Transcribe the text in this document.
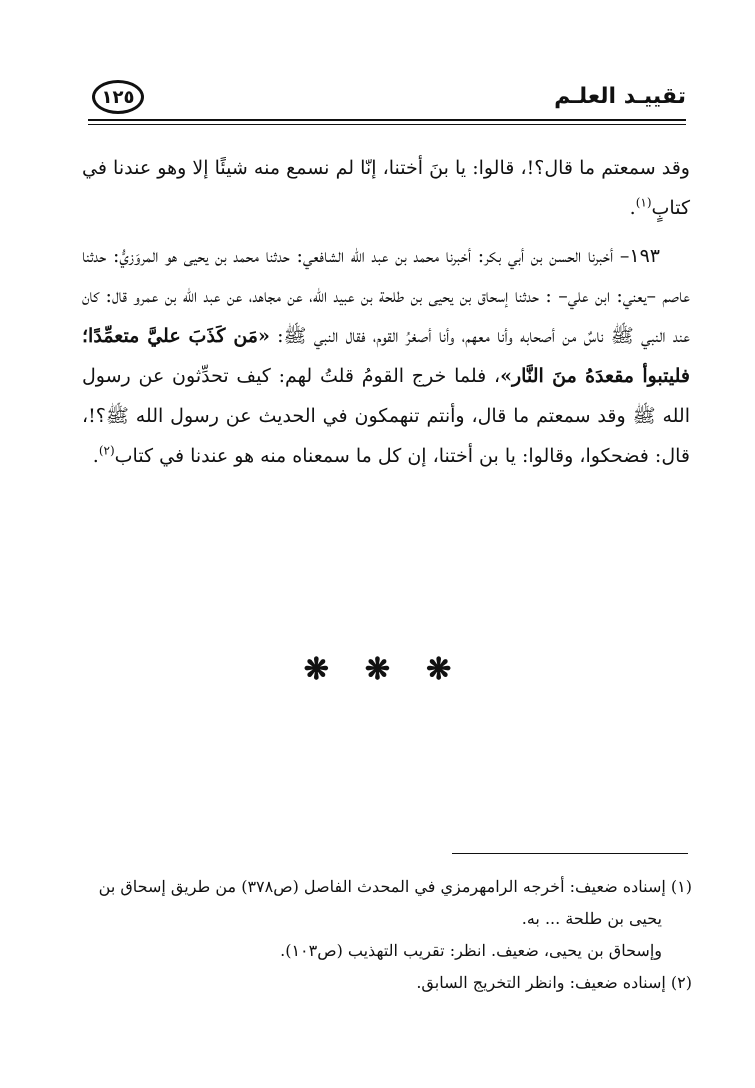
تقييـد العلـم
١٢٥

وقد سمعتم ما قال؟!، قالوا: يا بنَ أختنا، إنّا لم نسمع منه شيئًا إلا وهو عندنا في كتابٍ$^{(١)}$.

١٩٣– أخبرنا الحسن بن أبي بكر: أخبرنا محمد بن عبد الله الشافعي: حدثنا محمد بن يحيى هو المروَزيُّ: حدثنا عاصم –يعني: ابن علي– : حدثنا إسحاق بن يحيى بن طلحة بن عبيد الله، عن مجاهد، عن عبد الله بن عمرو قال: كان عند النبي ﷺ ناسٌ من أصحابه وأنا معهم، وأنا أصغرُ القوم، فقال النبي ﷺ: «مَن كَذَبَ عليَّ متعمِّدًا؛ فليتبوأ مقعدَهُ منَ النَّار»، فلما خرج القومُ قلتُ لهم: كيف تحدِّثون عن رسول الله ﷺ وقد سمعتم ما قال، وأنتم تنهمكون في الحديث عن رسول الله ﷺ؟!، قال: فضحكوا، وقالوا: يا بن أختنا، إن كل ما سمعناه منه هو عندنا في كتاب$^{(٢)}$.

❋ ❋ ❋

(١) إسناده ضعيف: أخرجه الرامهرمزي في المحدث الفاصل (ص٣٧٨) من طريق إسحاق بن

يحيى بن طلحة ... به.

وإسحاق بن يحيى، ضعيف. انظر: تقريب التهذيب (ص١٠٣).

(٢) إسناده ضعيف: وانظر التخريج السابق.
